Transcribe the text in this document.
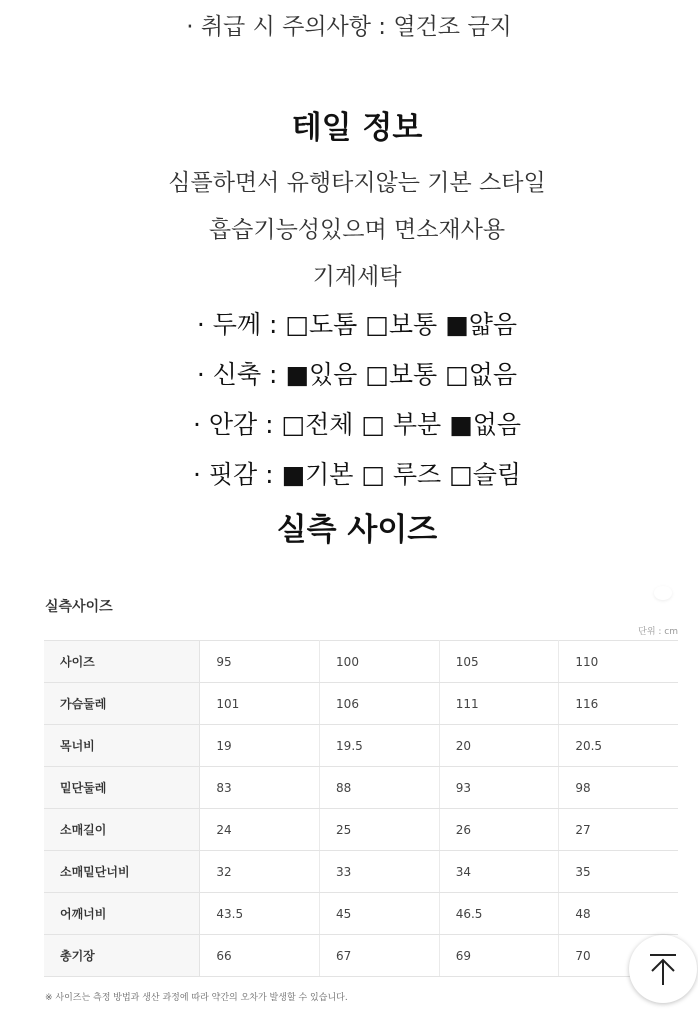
· 취급 시 주의사항 : 열건조 금지
테일 정보
심플하면서 유행타지않는 기본 스타일
흡습기능성있으며 면소재사용
기계세탁
· 두께 : □도톰 □보통 ■얇음
· 신축 : ■있음 □보통 □없음
· 안감 : □전체 □ 부분 ■없음
· 핏감 : ■기본 □ 루즈 □슬림
실측 사이즈
실측사이즈
단위 : cm
사이즈	95	100	105	110
가슴둘레	101	106	111	116
목너비	19	19.5	20	20.5
밑단둘레	83	88	93	98
소매길이	24	25	26	27
소매밑단너비	32	33	34	35
어깨너비	43.5	45	46.5	48
총기장	66	67	69	70
※ 사이즈는 측정 방법과 생산 과정에 따라 약간의 오차가 발생할 수 있습니다.
